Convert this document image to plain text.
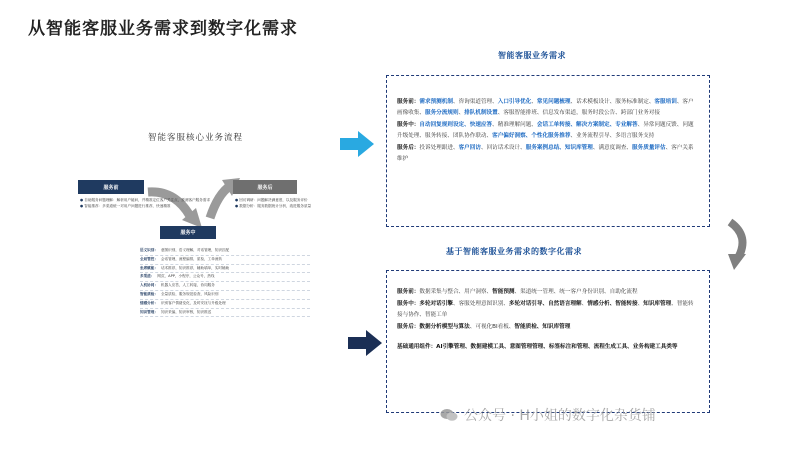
从智能客服业务需求到数字化需求
智能客服核心业务流程
服务前
服务中
服务后
● 自助服务问题理解：解析用户疑问，并精准定位客户关注点，预测客户服务需求
● 智能推荐：多渠道统一对用户问题进行推荐，快速精准
● 回访调研：问题解决满意度，以及服务评价
● 数据分析：服务数据统计分析，改进服务质量
语义识别： 意图识别，语义理解，对话管理，知识匹配
全局管控： 会话管理，流程编排，质检，工单流转
坐席赋能： 话术推荐，知识推荐，辅助填单，实时辅助
多渠道： 网页，APP，小程序，公众号，热线
人机协同： 机器人应答，人工转接，协同服务
智能质检： 全量质检，服务规范检查，风险识别
情感分析： 识别客户情绪变化，及时安抚与升级处理
知识管理： 知识采编，知识审核，知识推送
智能客服业务需求

服务前：需求预测机制、咨询渠道管理、入口引导优化、常见问题梳理、话术模板设计、服务标准制定、客服培训、客户画像收集、服务分流规则、排队机制设置、客服智能排班、信息发布渠道，服务时段公告、跨部门业务对接

服务中：自动回复规则设定、快速应答、精准理解问题、会话工单转接、解决方案制定、专业解答、异常问题反馈、问题升级处理、服务转接、团队协作联动、客户偏好洞察、个性化服务推荐、业务流程引导、多语言服务支持

服务后：投诉处理跟进、客户回访、回访话术设计、服务案例总结、知识库管理、满意度调查、服务质量评估、客户关系维护

基于智能客服业务需求的数字化需求

服务前：数据采集与整合、用户洞察、智能预测、渠道统一管理、统一客户身份识别、自助化流程

服务中：多轮对话引擎、客服处理意图识别、多轮对话引导、自然语言理解、情感分析、智能转接、知识库管理、智能转接与协作、智能工单

服务后：数据分析模型与算法、可视化BI看板、智能质检、知识库管理

基础通用组件：AI引擎管理、数据建模工具、意图管理管理、标签标注和管理、流程生成工具、业务构建工具类等

公众号 · H小姐的数字化杂货铺
